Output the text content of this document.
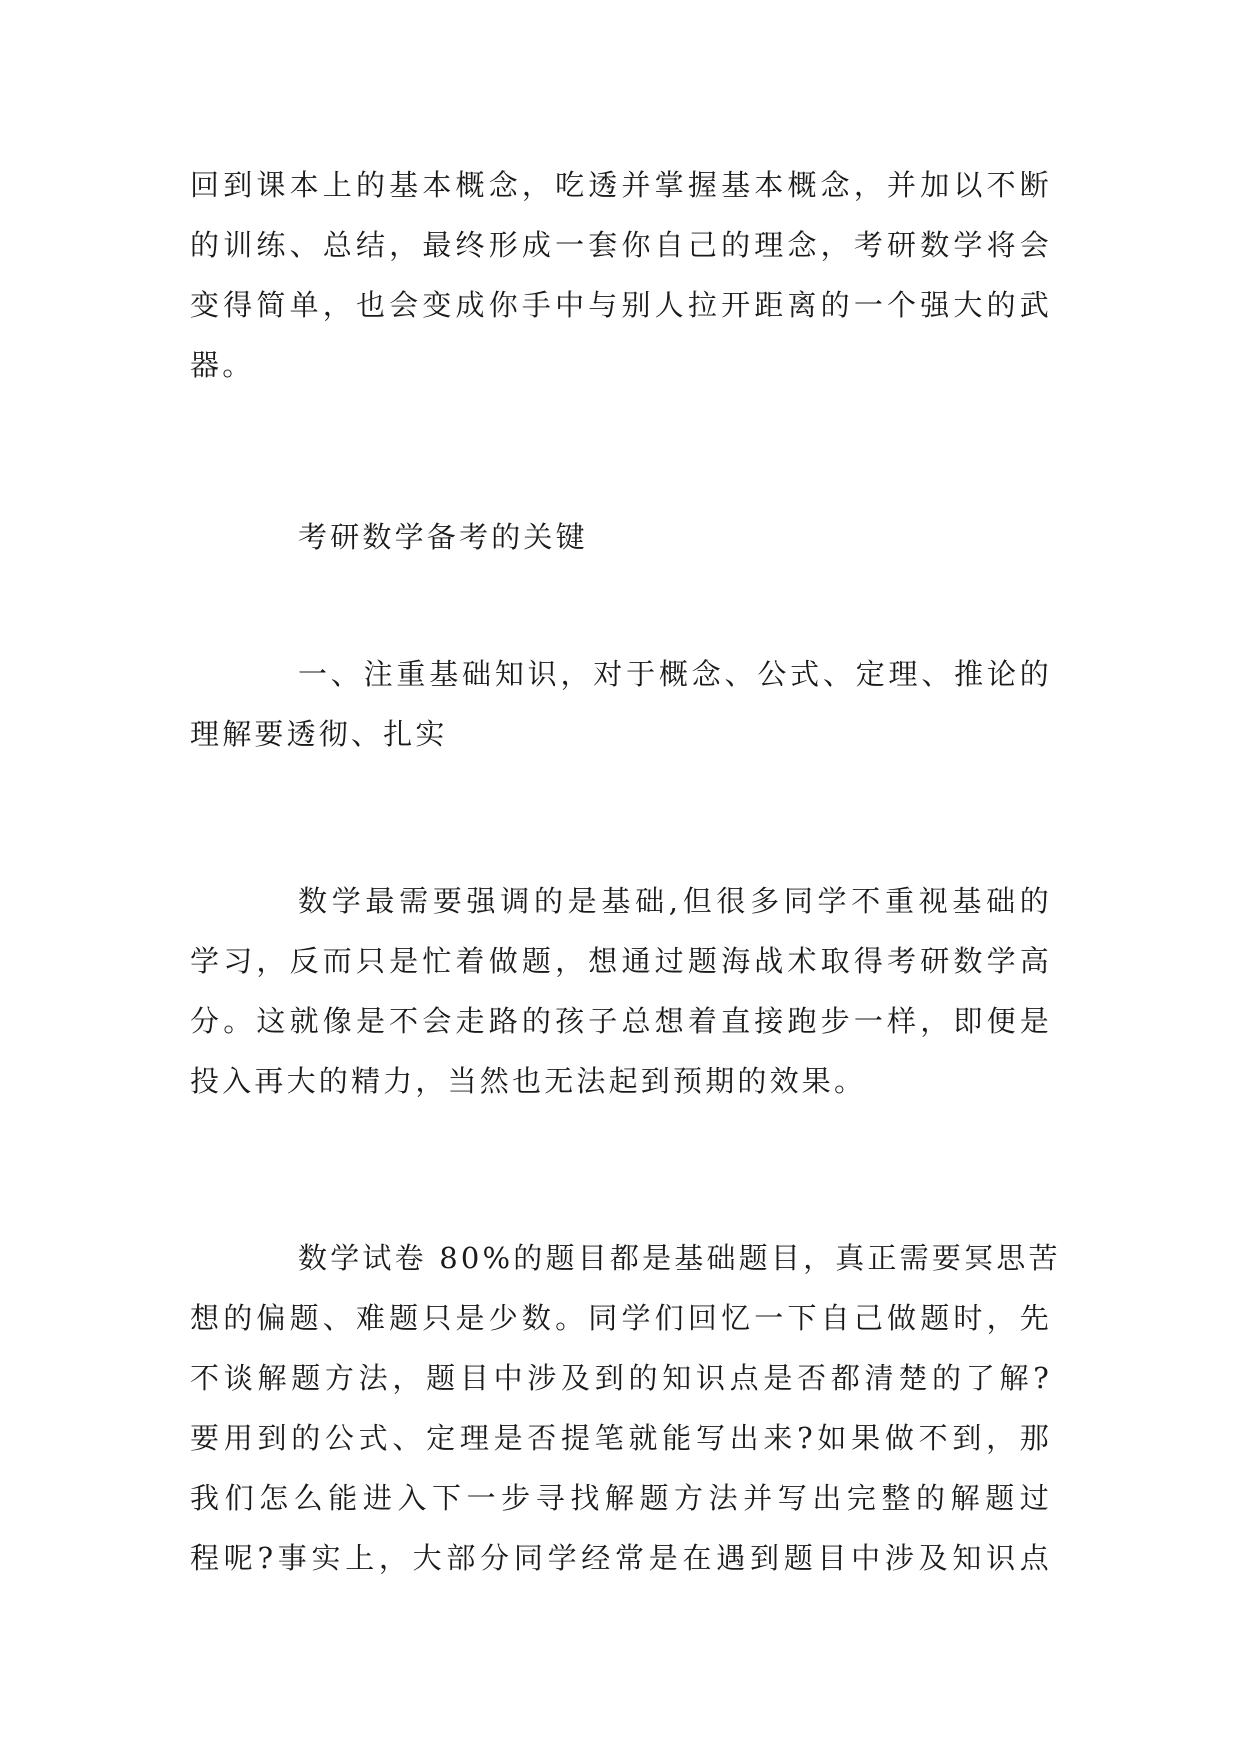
回到课本上的基本概念，吃透并掌握基本概念，并加以不断
的训练、总结，最终形成一套你自己的理念，考研数学将会
变得简单，也会变成你手中与别人拉开距离的一个强大的武
器。
考研数学备考的关键
一、注重基础知识，对于概念、公式、定理、推论的
理解要透彻、扎实
数学最需要强调的是基础,但很多同学不重视基础的
学习，反而只是忙着做题，想通过题海战术取得考研数学高
分。这就像是不会走路的孩子总想着直接跑步一样，即便是
投入再大的精力，当然也无法起到预期的效果。
数学试卷 80%的题目都是基础题目，真正需要冥思苦
想的偏题、难题只是少数。同学们回忆一下自己做题时，先
不谈解题方法，题目中涉及到的知识点是否都清楚的了解?
要用到的公式、定理是否提笔就能写出来?如果做不到，那
我们怎么能进入下一步寻找解题方法并写出完整的解题过
程呢?事实上，大部分同学经常是在遇到题目中涉及知识点
